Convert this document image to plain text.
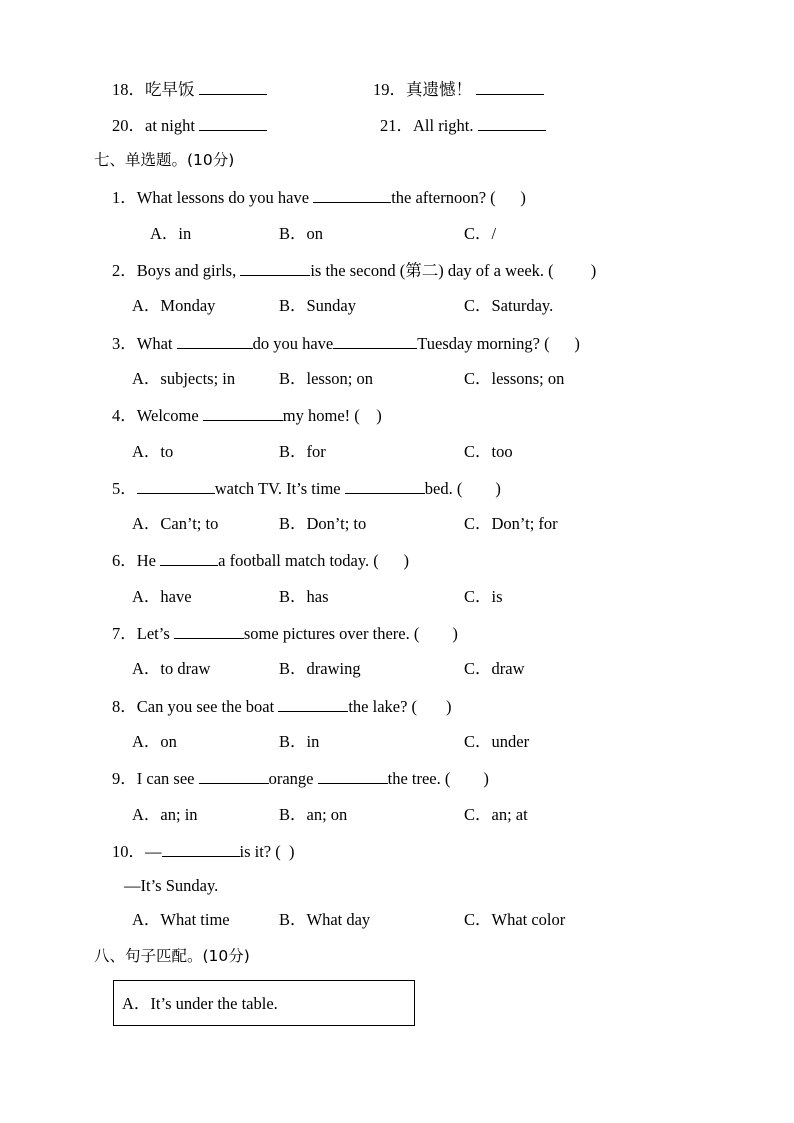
18．吃早饭	19．真遗憾！
20．at night	21．All right.
七、单选题。(10分)
1．What lessons do you have	the afternoon? ( )
A．in	B．on	C．/
2．Boys and girls,	is the second (第二) day of a week. ( )
A．Monday	B．Sunday	C．Saturday.
3．What	do you have	Tuesday morning? ( )
A．subjects; in	B．lesson; on	C．lessons; on
4．Welcome	my home! ( )
A．to	B．for	C．too
5．	watch TV. It’s time	bed. ( )
A．Can’t; to	B．Don’t; to	C．Don’t; for
6．He	a football match today. ( )
A．have	B．has	C．is
7．Let’s	some pictures over there. ( )
A．to draw	B．drawing	C．draw
8．Can you see the boat	the lake? ( )
A．on	B．in	C．under
9．I can see	orange	the tree. ( )
A．an; in	B．an; on	C．an; at
10．—	is it? ( )
—It’s Sunday.
A．What time	B．What day	C．What color
八、句子匹配。(10分)
A．It’s under the table.
